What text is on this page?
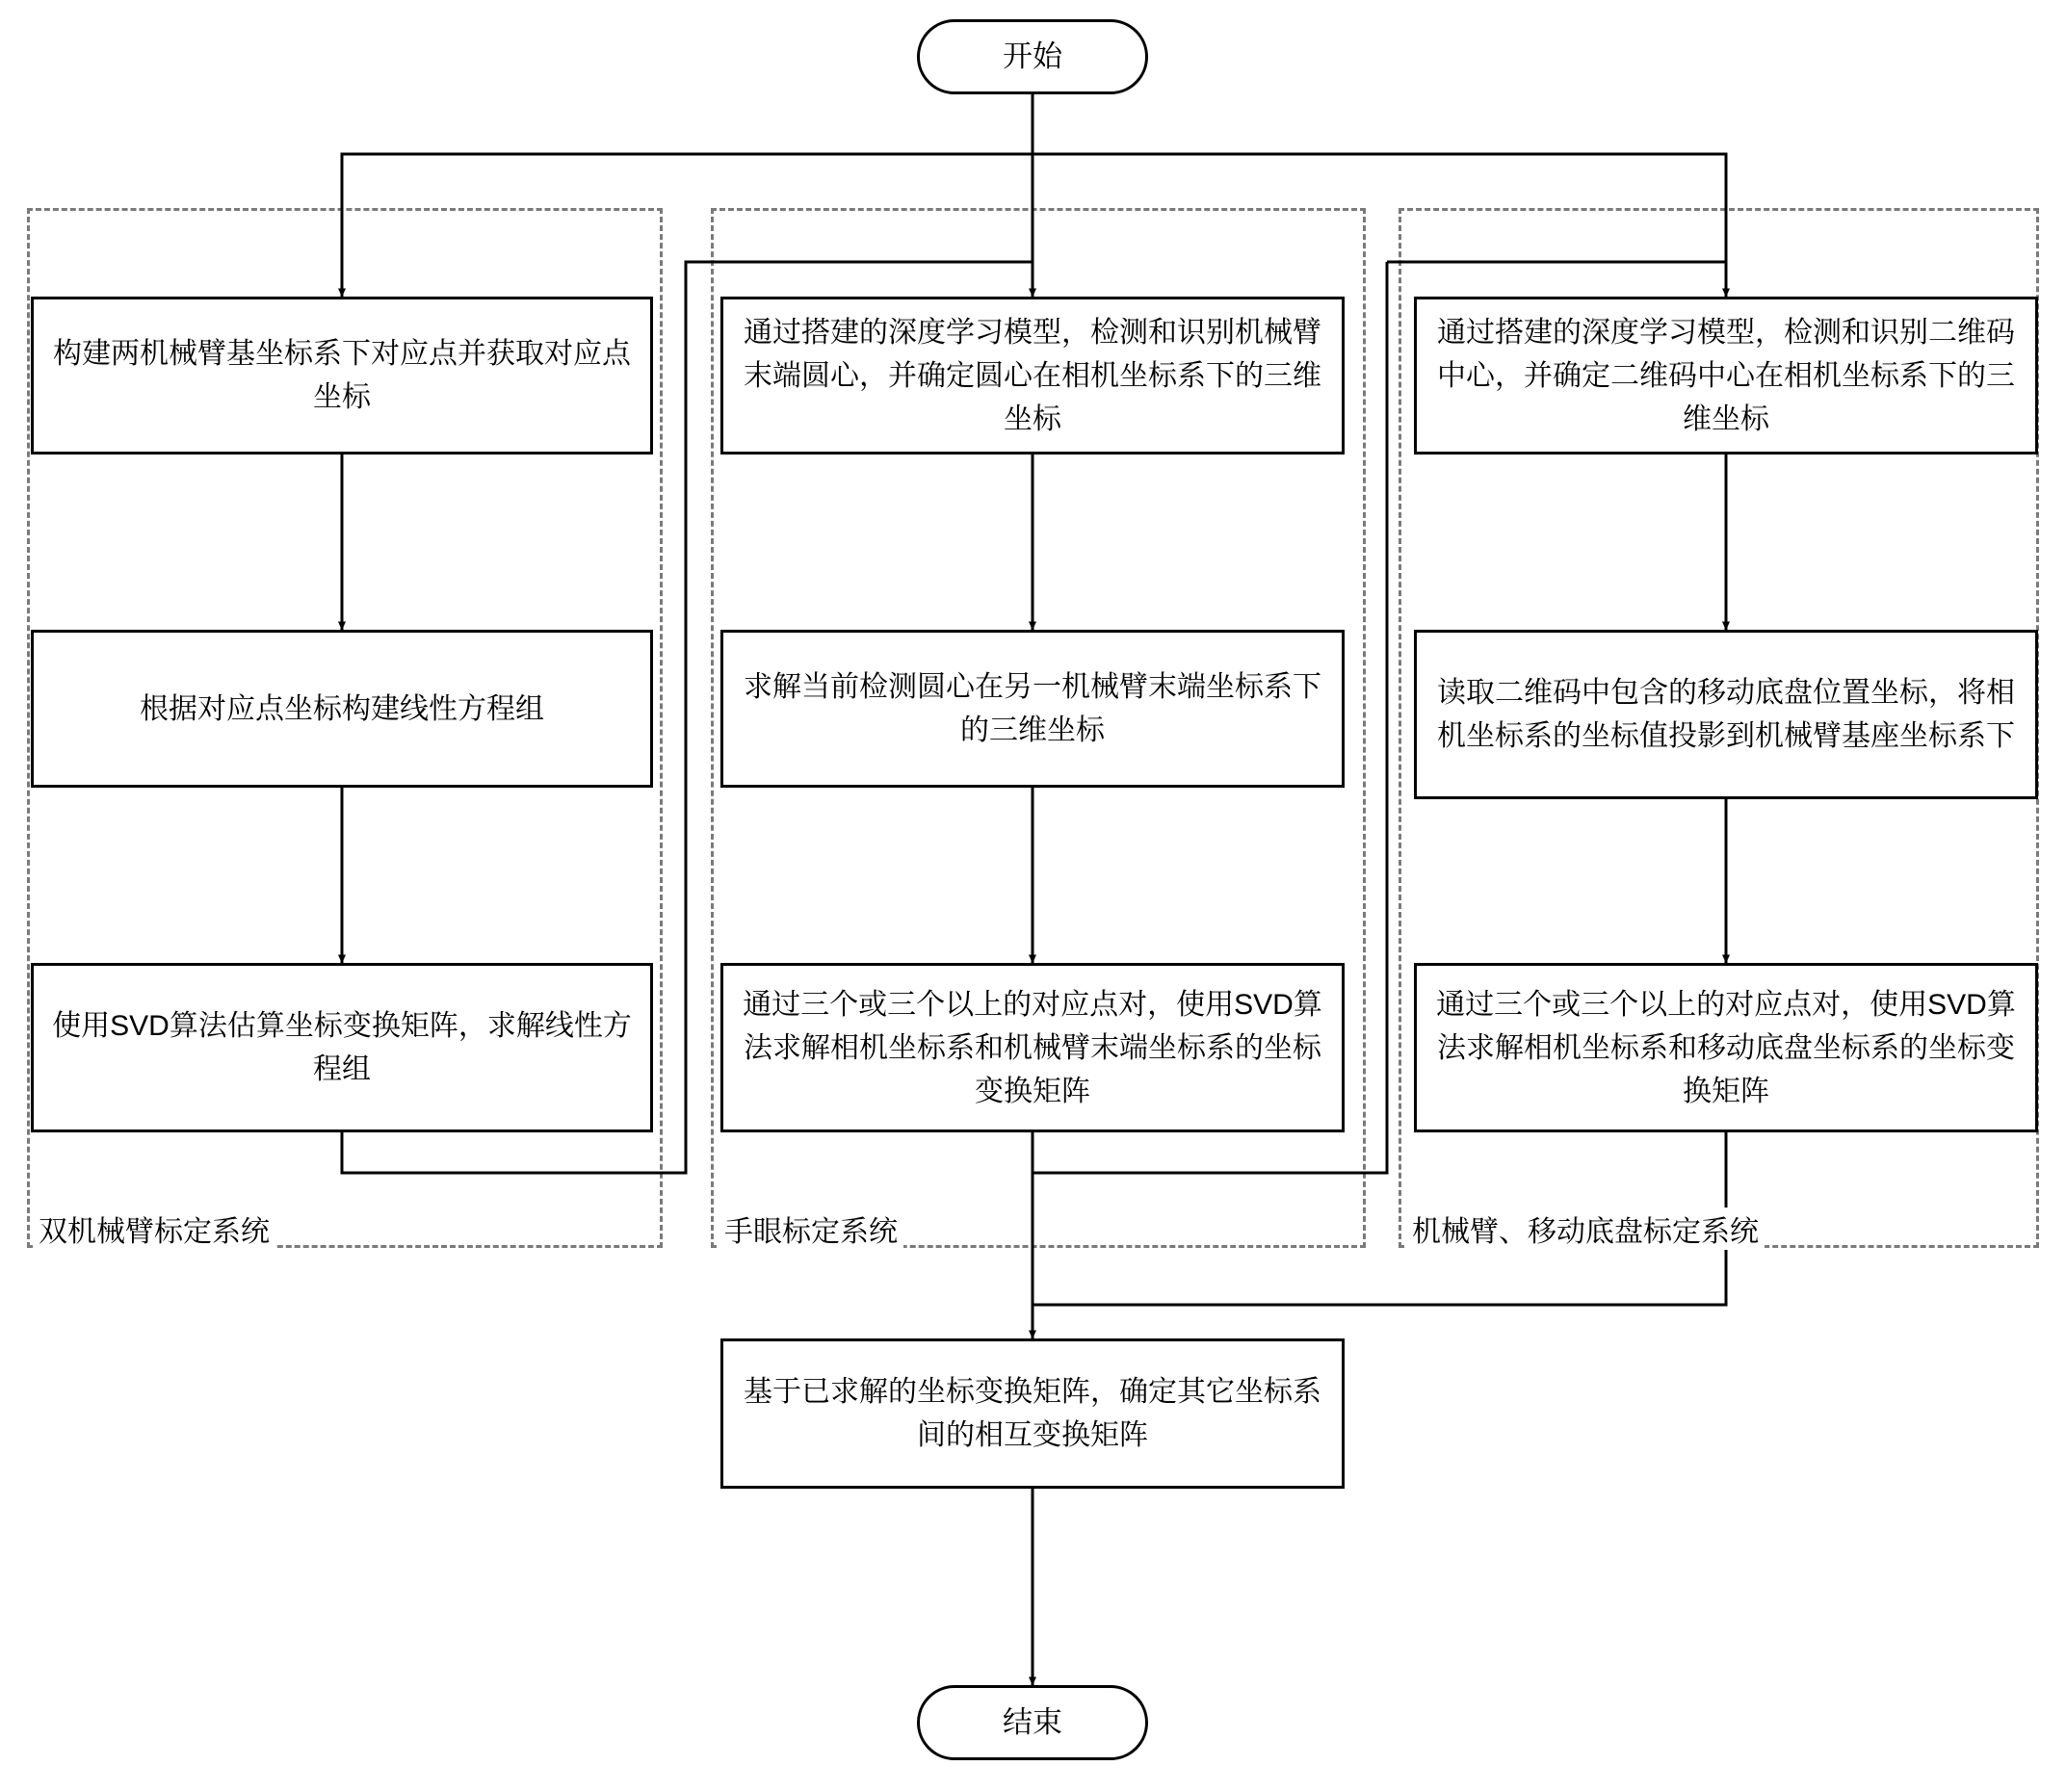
双机械臂标定系统	手眼标定系统	机械臂、移动底盘标定系统
开始
结束
构建两机械臂基坐标系下对应点并获取对应点坐标
根据对应点坐标构建线性方程组
使用SVD算法估算坐标变换矩阵，求解线性方程组
通过搭建的深度学习模型，检测和识别机械臂末端圆心，并确定圆心在相机坐标系下的三维坐标
求解当前检测圆心在另一机械臂末端坐标系下的三维坐标
通过三个或三个以上的对应点对，使用SVD算法求解相机坐标系和机械臂末端坐标系的坐标变换矩阵
通过搭建的深度学习模型，检测和识别二维码中心，并确定二维码中心在相机坐标系下的三维坐标
读取二维码中包含的移动底盘位置坐标，将相机坐标系的坐标值投影到机械臂基座坐标系下
通过三个或三个以上的对应点对，使用SVD算法求解相机坐标系和移动底盘坐标系的坐标变换矩阵
基于已求解的坐标变换矩阵，确定其它坐标系间的相互变换矩阵
